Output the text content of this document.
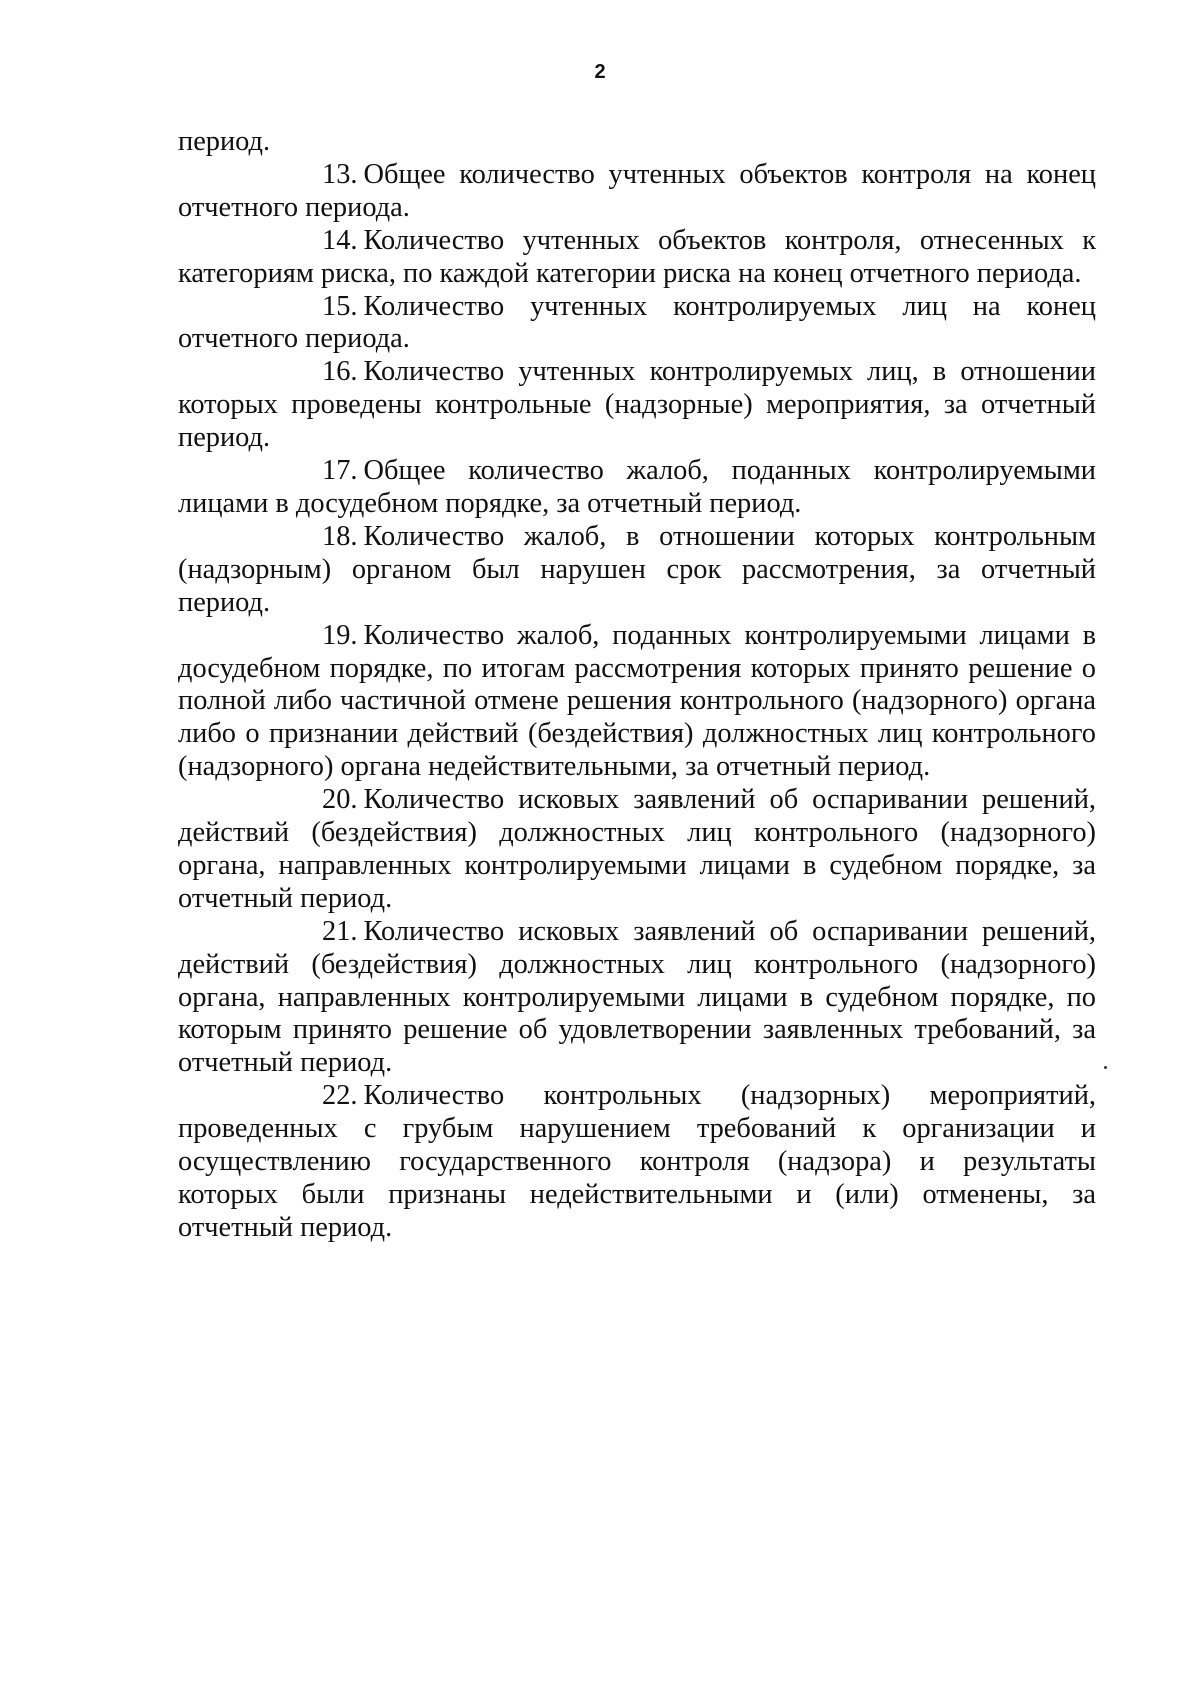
2

период.

13. Общее количество учтенных объектов контроля на конец отчетного периода.

14. Количество учтенных объектов контроля, отнесенных к категориям риска, по каждой категории риска на конец отчетного периода.

15. Количество учтенных контролируемых лиц на конец отчетного периода.

16. Количество учтенных контролируемых лиц, в отношении которых проведены контрольные (надзорные) мероприятия, за отчетный период.

17. Общее количество жалоб, поданных контролируемыми лицами в досудебном порядке, за отчетный период.

18. Количество жалоб, в отношении которых контрольным (надзорным) органом был нарушен срок рассмотрения, за отчетный период.

19. Количество жалоб, поданных контролируемыми лицами в досудебном порядке, по итогам рассмотрения которых принято решение о полной либо частичной отмене решения контрольного (надзорного) органа либо о признании действий (бездействия) должностных лиц контрольного (надзорного) органа недействительными, за отчетный период.

20. Количество исковых заявлений об оспаривании решений, действий (бездействия) должностных лиц контрольного (надзорного) органа, направленных контролируемыми лицами в судебном порядке, за отчетный период.

21. Количество исковых заявлений об оспаривании решений, действий (бездействия) должностных лиц контрольного (надзорного) органа, направленных контролируемыми лицами в судебном порядке, по которым принято решение об удовлетворении заявленных требований, за отчетный период.

22. Количество контрольных (надзорных) мероприятий, проведенных с грубым нарушением требований к организации и осуществлению государственного контроля (надзора) и результаты которых были признаны недействительными и (или) отменены, за отчетный период.
